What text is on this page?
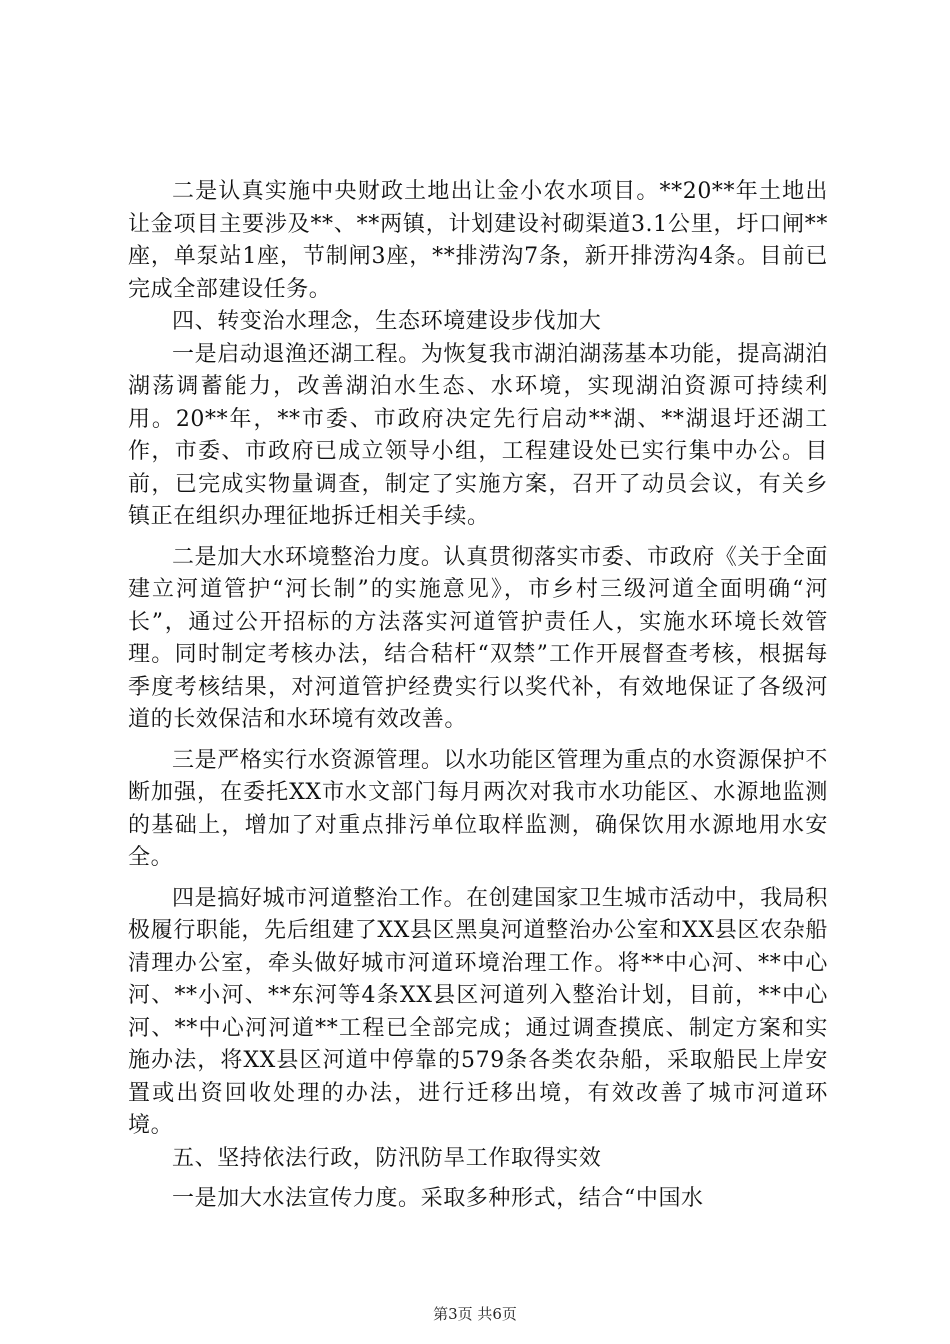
二是认真实施中央财政土地出让金小农水项目。**20**年土地出让金项目主要涉及**、**两镇，计划建设衬砌渠道3.1公里，圩口闸**座，单泵站1座，节制闸3座，**排涝沟7条，新开排涝沟4条。目前已完成全部建设任务。

四、转变治水理念，生态环境建设步伐加大

一是启动退渔还湖工程。为恢复我市湖泊湖荡基本功能，提高湖泊湖荡调蓄能力，改善湖泊水生态、水环境，实现湖泊资源可持续利用。20**年，**市委、市政府决定先行启动**湖、**湖退圩还湖工作，市委、市政府已成立领导小组，工程建设处已实行集中办公。目前，已完成实物量调查，制定了实施方案，召开了动员会议，有关乡镇正在组织办理征地拆迁相关手续。

二是加大水环境整治力度。认真贯彻落实市委、市政府《关于全面建立河道管护“河长制”的实施意见》，市乡村三级河道全面明确“河长”，通过公开招标的方法落实河道管护责任人，实施水环境长效管理。同时制定考核办法，结合秸杆“双禁”工作开展督查考核，根据每季度考核结果，对河道管护经费实行以奖代补，有效地保证了各级河道的长效保洁和水环境有效改善。

三是严格实行水资源管理。以水功能区管理为重点的水资源保护不断加强，在委托XX市水文部门每月两次对我市水功能区、水源地监测的基础上，增加了对重点排污单位取样监测，确保饮用水源地用水安全。

四是搞好城市河道整治工作。在创建国家卫生城市活动中，我局积极履行职能，先后组建了XX县区黑臭河道整治办公室和XX县区农杂船清理办公室，牵头做好城市河道环境治理工作。将**中心河、**中心河、**小河、**东河等4条XX县区河道列入整治计划，目前，**中心河、**中心河河道**工程已全部完成；通过调查摸底、制定方案和实施办法，将XX县区河道中停靠的579条各类农杂船，采取船民上岸安置或出资回收处理的办法，进行迁移出境，有效改善了城市河道环境。

五、坚持依法行政，防汛防旱工作取得实效

一是加大水法宣传力度。采取多种形式，结合“中国水

第3页 共6页
